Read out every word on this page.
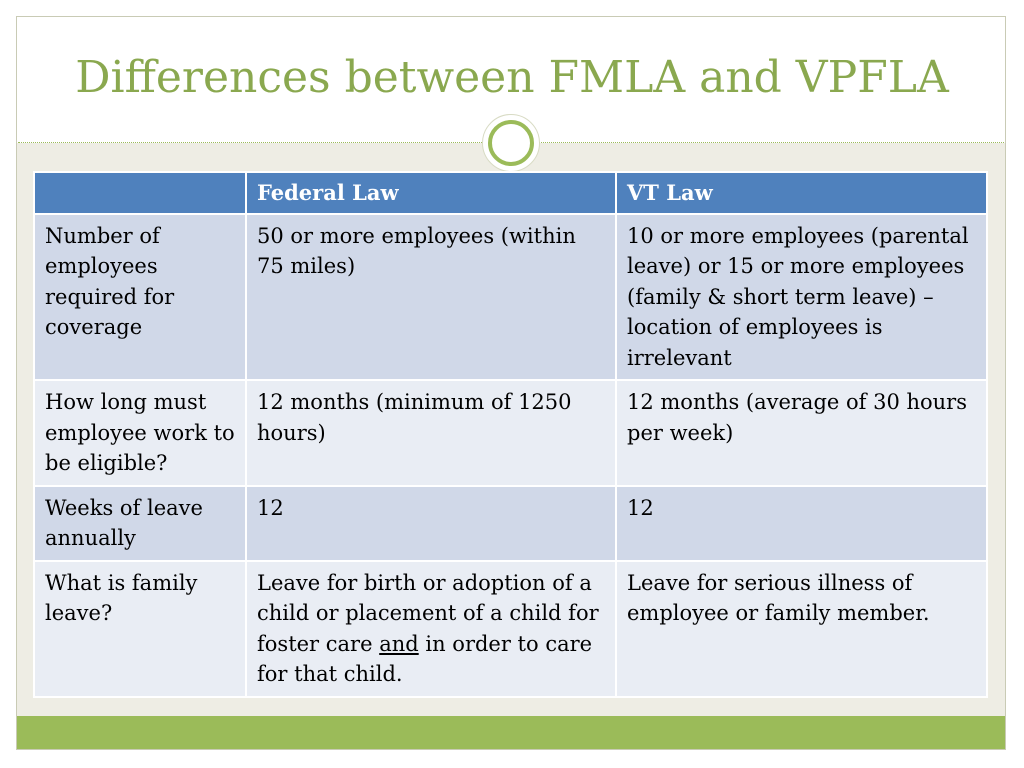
Differences between FMLA and VPFLA
	Federal Law	VT Law
Number of employees required for coverage	50 or more employees (within 75 miles)	10 or more employees (parental leave) or 15 or more employees (family & short term leave) – location of employees is irrelevant
How long must employee work to be eligible?	12 months (minimum of 1250 hours)	12 months (average of 30 hours per week)
Weeks of leave annually	12	12
What is family leave?	Leave for birth or adoption of a child or placement of a child for foster care and in order to care for that child.	Leave for serious illness of employee or family member.
